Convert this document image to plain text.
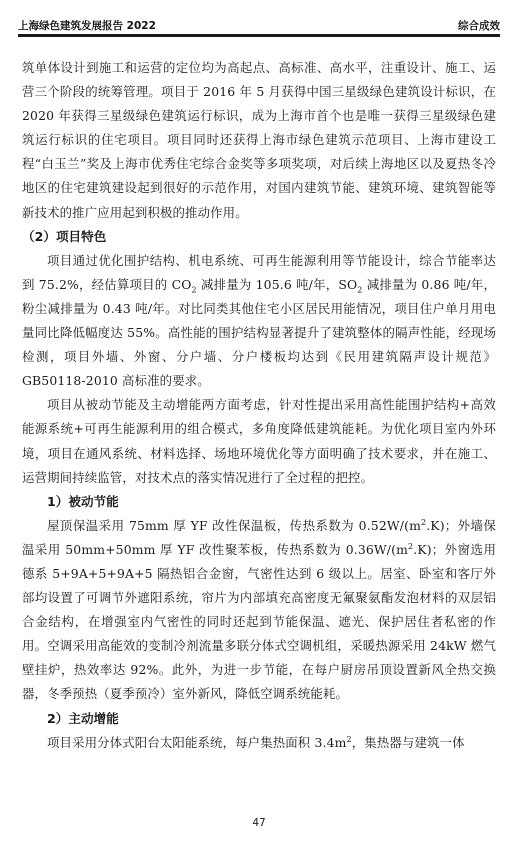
上海绿色建筑发展报告 2022	综合成效

筑单体设计到施工和运营的定位均为高起点、高标准、高水平，注重设计、施工、运营三个阶段的统筹管理。项目于 2016 年 5 月获得中国三星级绿色建筑设计标识，在 2020 年获得三星级绿色建筑运行标识，成为上海市首个也是唯一获得三星级绿色建筑运行标识的住宅项目。项目同时还获得上海市绿色建筑示范项目、上海市建设工程“白玉兰”奖及上海市优秀住宅综合金奖等多项奖项，对后续上海地区以及夏热冬冷地区的住宅建筑建设起到很好的示范作用，对国内建筑节能、建筑环境、建筑智能等新技术的推广应用起到积极的推动作用。

（2）项目特色

项目通过优化围护结构、机电系统、可再生能源利用等节能设计，综合节能率达到 75.2%，经估算项目的 $CO_2$ 减排量为 105.6 吨/年，$SO_2$ 减排量为 0.86 吨/年，粉尘减排量为 0.43 吨/年。对比同类其他住宅小区居民用能情况，项目住户单月用电量同比降低幅度达 55%。高性能的围护结构显著提升了建筑整体的隔声性能，经现场检测，项目外墙、外窗、分户墙、分户楼板均达到《民用建筑隔声设计规范》GB50118-2010 高标准的要求。

项目从被动节能及主动增能两方面考虑，针对性提出采用高性能围护结构+高效能源系统+可再生能源利用的组合模式，多角度降低建筑能耗。为优化项目室内外环境，项目在通风系统、材料选择、场地环境优化等方面明确了技术要求，并在施工、运营期间持续监管，对技术点的落实情况进行了全过程的把控。

1）被动节能

屋顶保温采用 75mm 厚 YF 改性保温板，传热系数为 $0.52W/(m^2.K)$；外墙保温采用 50mm+50mm 厚 YF 改性聚苯板，传热系数为 $0.36W/(m^2.K)$；外窗选用德系 5+9A+5+9A+5 隔热铝合金窗，气密性达到 6 级以上。居室、卧室和客厅外部均设置了可调节外遮阳系统，帘片为内部填充高密度无氟聚氨酯发泡材料的双层铝合金结构，在增强室内气密性的同时还起到节能保温、遮光、保护居住者私密的作用。空调采用高能效的变制冷剂流量多联分体式空调机组，采暖热源采用 24kW 燃气壁挂炉，热效率达 92%。此外，为进一步节能，在每户厨房吊顶设置新风全热交换器，冬季预热（夏季预冷）室外新风，降低空调系统能耗。

2）主动增能

项目采用分体式阳台太阳能系统，每户集热面积 $3.4m^2$，集热器与建筑一体

47
